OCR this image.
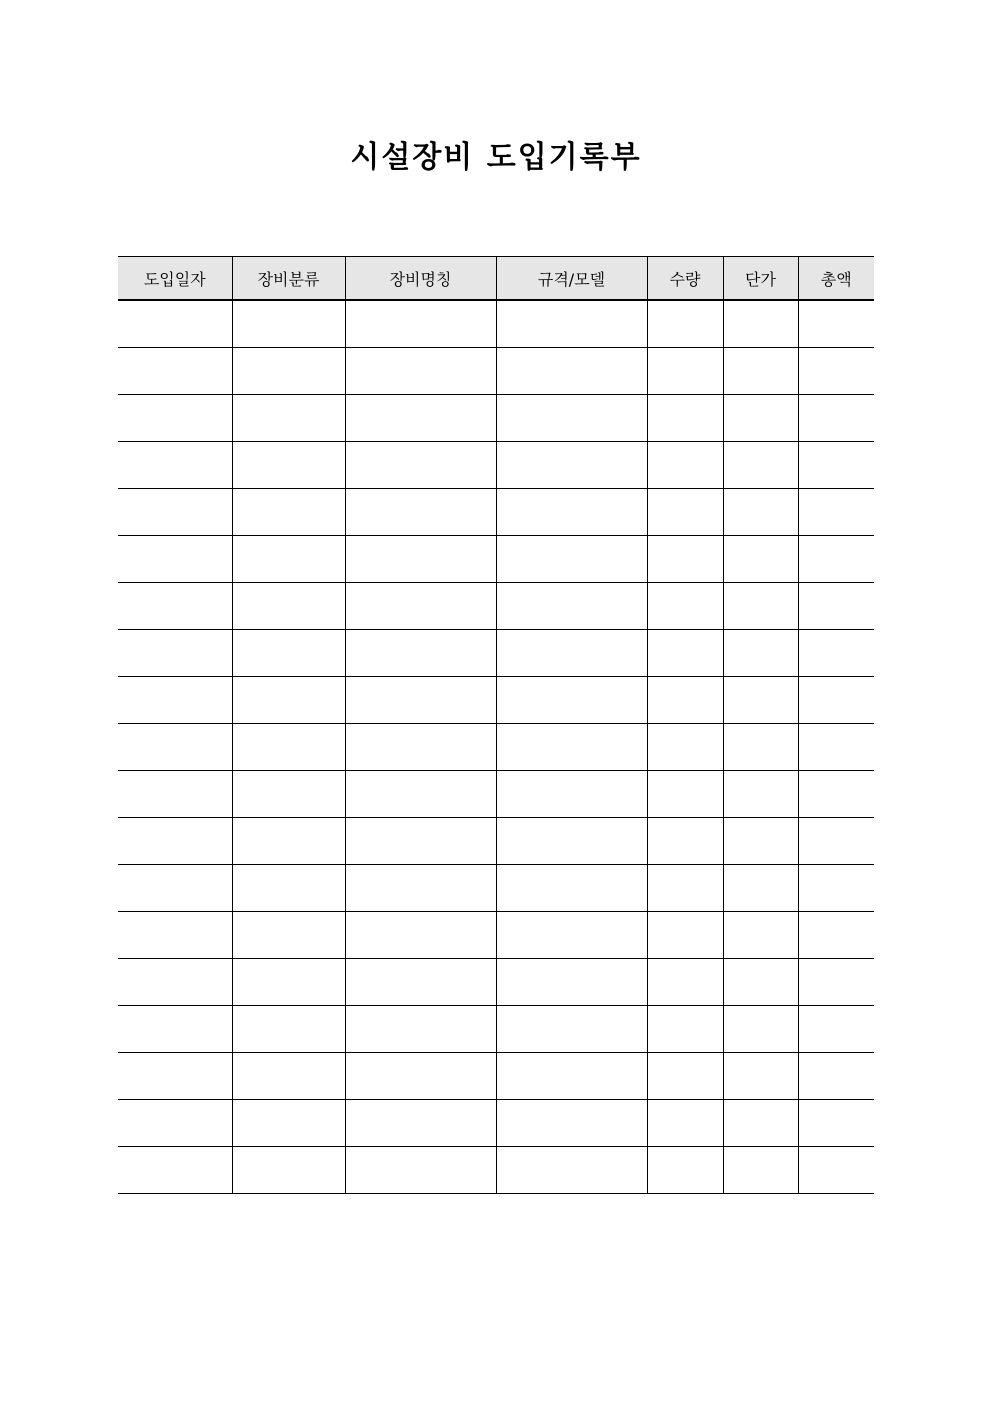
시설장비 도입기록부
도입일자	장비분류	장비명칭	규격/모델	수량	단가	총액
